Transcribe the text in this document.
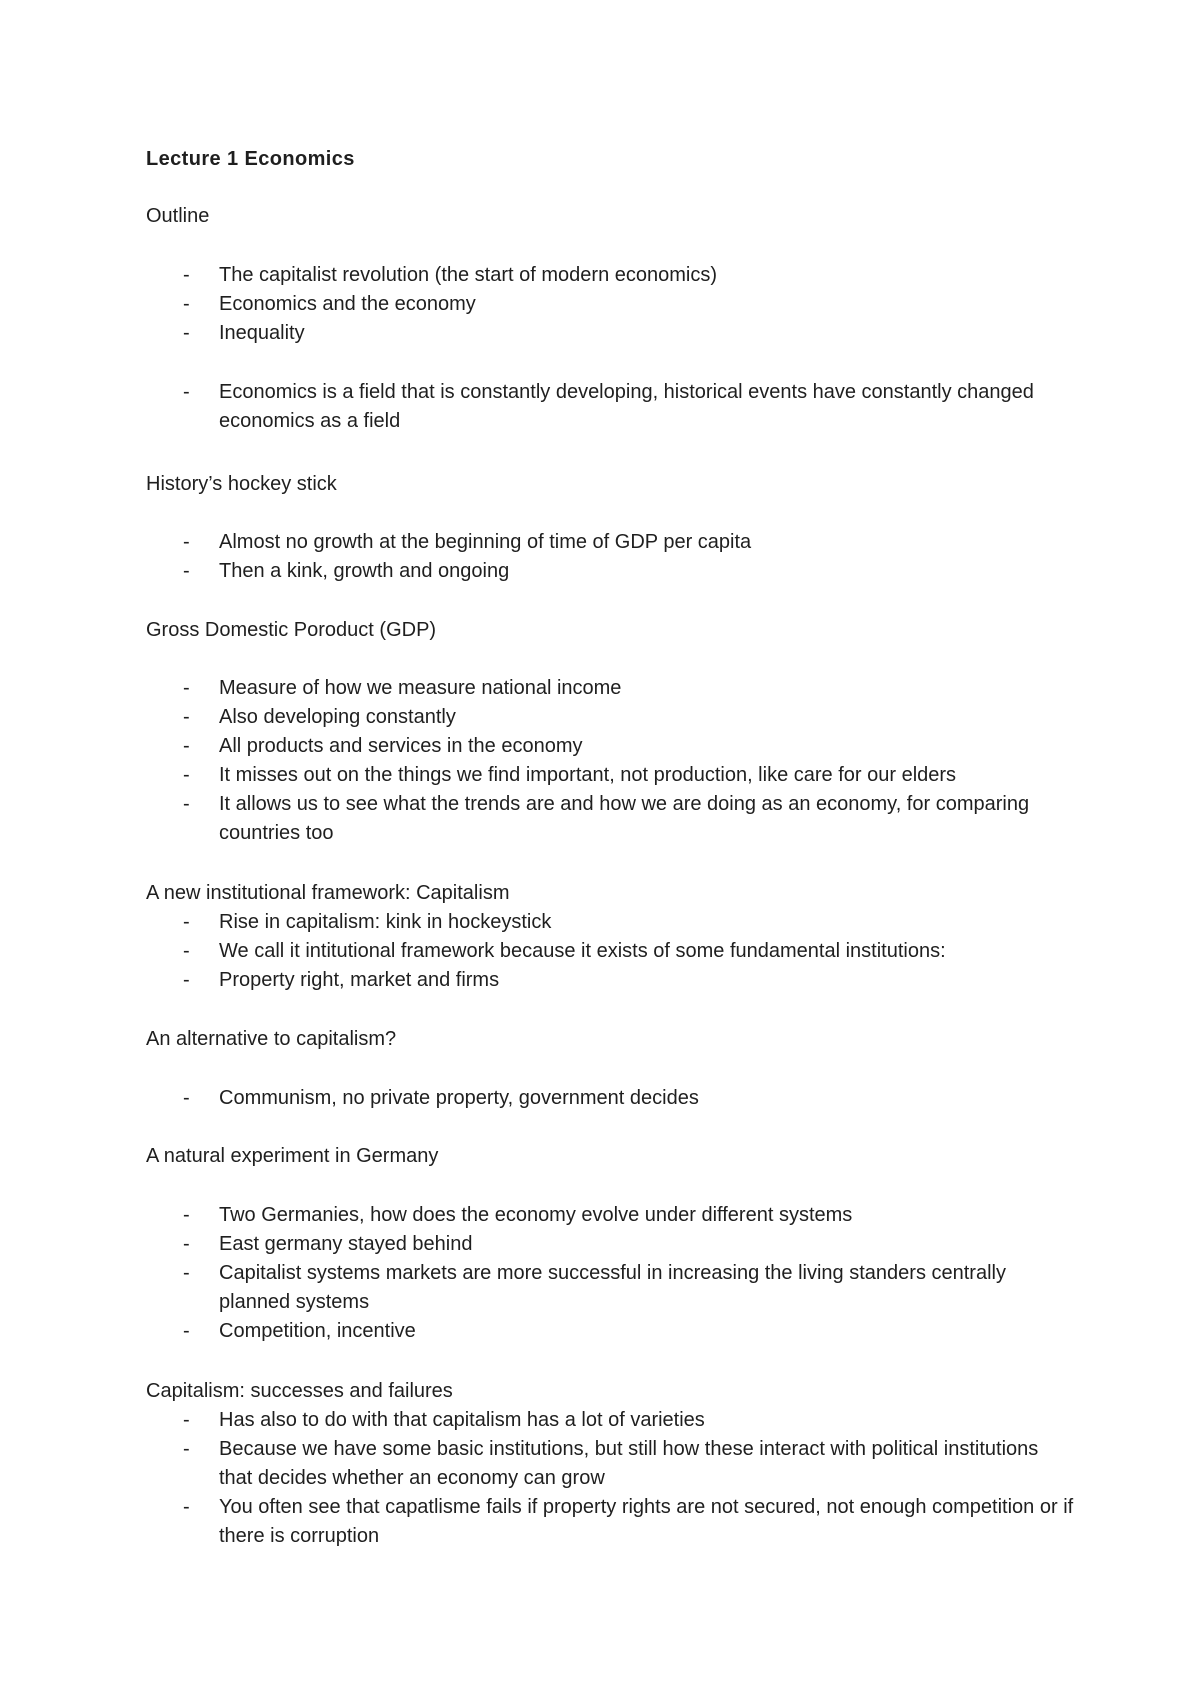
Lecture 1 Economics
Outline
- The capitalist revolution (the start of modern economics)
- Economics and the economy
- Inequality
- Economics is a field that is constantly developing, historical events have constantly changed economics as a field
History’s hockey stick
- Almost no growth at the beginning of time of GDP per capita
- Then a kink, growth and ongoing
Gross Domestic Poroduct (GDP)
- Measure of how we measure national income
- Also developing constantly
- All products and services in the economy
- It misses out on the things we find important, not production, like care for our elders
- It allows us to see what the trends are and how we are doing as an economy, for comparing countries too
A new institutional framework: Capitalism
- Rise in capitalism: kink in hockeystick
- We call it intitutional framework because it exists of some fundamental institutions:
- Property right, market and firms
An alternative to capitalism?
- Communism, no private property, government decides
A natural experiment in Germany
- Two Germanies, how does the economy evolve under different systems
- East germany stayed behind
- Capitalist systems markets are more successful in increasing the living standers centrally planned systems
- Competition, incentive
Capitalism: successes and failures
- Has also to do with that capitalism has a lot of varieties
- Because we have some basic institutions, but still how these interact with political institutions that decides whether an economy can grow
- You often see that capatlisme fails if property rights are not secured, not enough competition or if there is corruption
